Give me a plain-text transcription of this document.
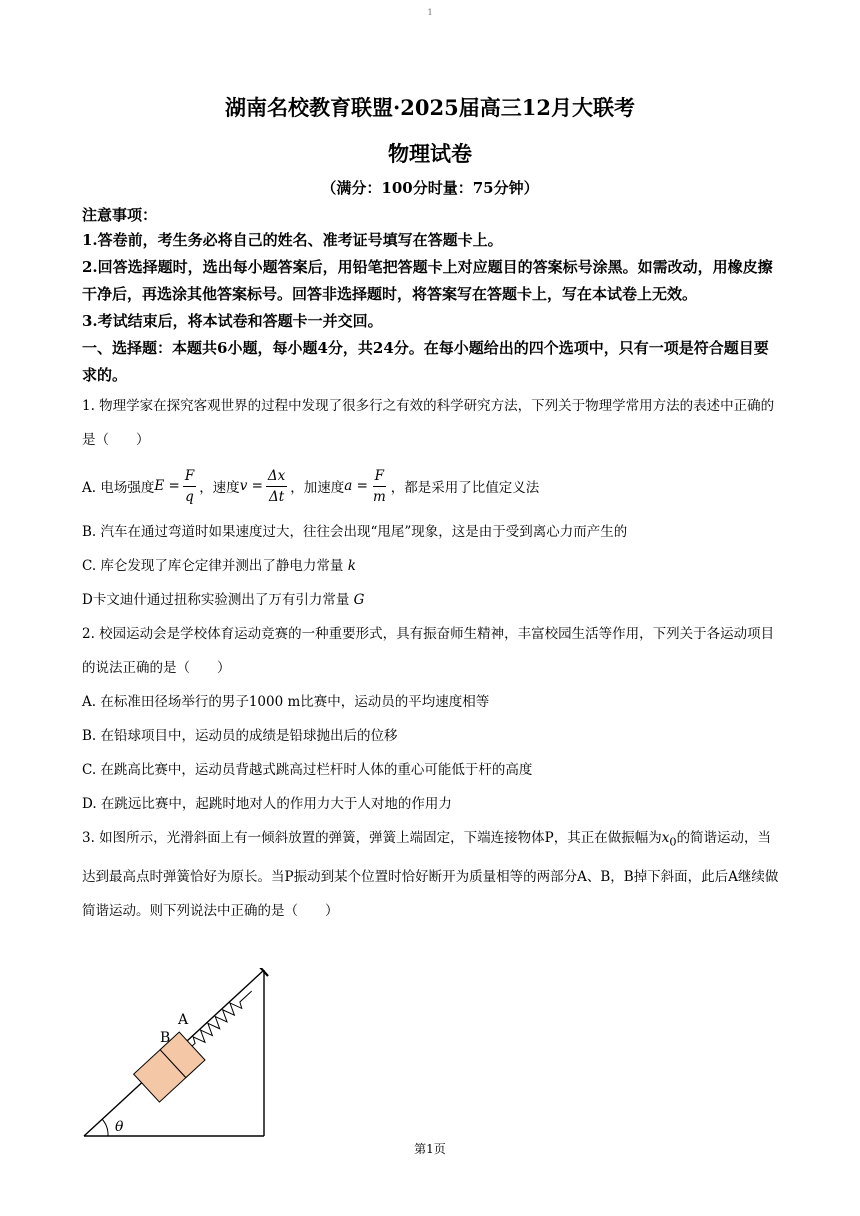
1
湖南名校教育联盟·2025届高三12月大联考
物理试卷
（满分：100分时量：75分钟）
注意事项：
1.答卷前，考生务必将自己的姓名、准考证号填写在答题卡上。
2.回答选择题时，选出每小题答案后，用铅笔把答题卡上对应题目的答案标号涂黑。如需改动，用橡皮擦干净后，再选涂其他答案标号。回答非选择题时，将答案写在答题卡上，写在本试卷上无效。
3.考试结束后，将本试卷和答题卡一并交回。
一、选择题：本题共6小题，每小题4分，共24分。在每小题给出的四个选项中，只有一项是符合题目要求的。
1. 物理学家在探究客观世界的过程中发现了很多行之有效的科学研究方法，下列关于物理学常用方法的表述中正确的是（　　）
A. 电场强度 $E = \frac{F}{q}$ ，速度 $v = \frac{\Delta x}{\Delta t}$ ，加速度 $a = \frac{F}{m}$ ，都是采用了比值定义法
B. 汽车在通过弯道时如果速度过大，往往会出现“甩尾”现象，这是由于受到离心力而产生的
C. 库仑发现了库仑定律并测出了静电力常量 k
D卡文迪什通过扭称实验测出了万有引力常量 G
2. 校园运动会是学校体育运动竞赛的一种重要形式，具有振奋师生精神，丰富校园生活等作用，下列关于各运动项目的说法正确的是（　　）
A. 在标准田径场举行的男子1000 m比赛中，运动员的平均速度相等
B. 在铅球项目中，运动员的成绩是铅球抛出后的位移
C. 在跳高比赛中，运动员背越式跳高过栏杆时人体的重心可能低于杆的高度
D. 在跳远比赛中，起跳时地对人的作用力大于人对地的作用力
3. 如图所示，光滑斜面上有一倾斜放置的弹簧，弹簧上端固定，下端连接物体P，其正在做振幅为$x_0$的简谐运动，当达到最高点时弹簧恰好为原长。当P振动到某个位置时恰好断开为质量相等的两部分A、B，B掉下斜面，此后A继续做简谐运动。则下列说法中正确的是（　　）
θ
B
A
第1页
